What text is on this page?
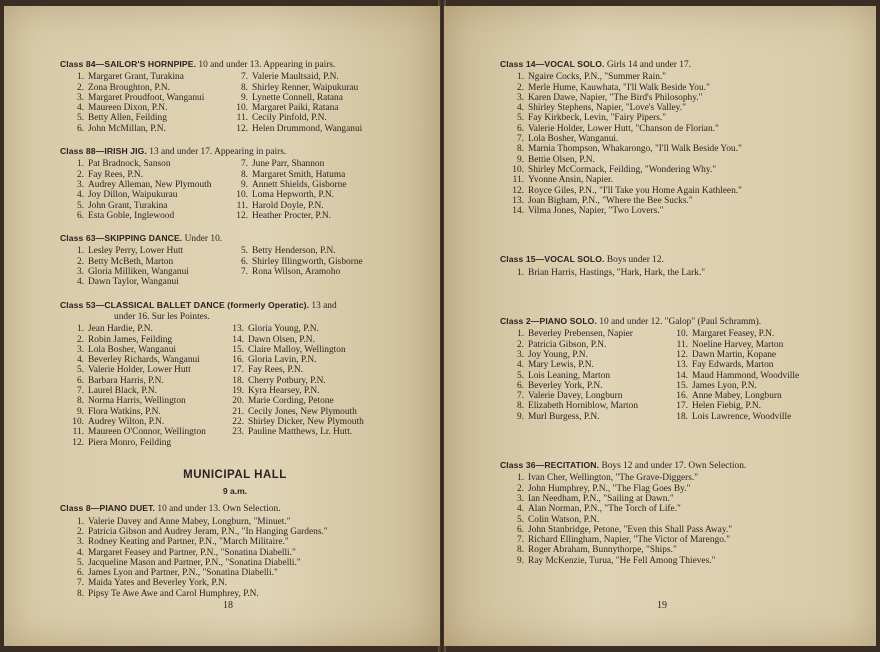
Class 84—SAILOR'S HORNPIPE. 10 and under 13. Appearing in pairs.
1. Margaret Grant, Turakina
2. Zona Broughton, P.N.
3. Margaret Proudfoot, Wanganui
4. Maureen Dixon, P.N.
5. Betty Allen, Feilding
6. John McMillan, P.N.
7. Valerie Maultsaid, P.N.
8. Shirley Renner, Waipukurau
9. Lynette Connell, Ratana
10. Margaret Paiki, Ratana
11. Cecily Pinfold, P.N.
12. Helen Drummond, Wanganui
Class 88—IRISH JIG. 13 and under 17. Appearing in pairs.
1. Pat Bradnock, Sanson
2. Fay Rees, P.N.
3. Audrey Alleman, New Plymouth
4. Joy Dillon, Waipukurau
5. John Grant, Turakina
6. Esta Goble, Inglewood
7. June Parr, Shannon
8. Margaret Smith, Hatuma
9. Annett Shields, Gisborne
10. Loma Hepworth, P.N.
11. Harold Doyle, P.N.
12. Heather Procter, P.N.
Class 63—SKIPPING DANCE. Under 10.
1. Lesley Perry, Lower Hutt
2. Betty McBeth, Marton
3. Gloria Milliken, Wanganui
4. Dawn Taylor, Wanganui
5. Betty Henderson, P.N.
6. Shirley Illingworth, Gisborne
7. Rona Wilson, Aramoho
Class 53—CLASSICAL BALLET DANCE (formerly Operatic). 13 and
under 16. Sur les Pointes.
1. Jean Hardie, P.N.
2. Robin James, Feilding
3. Lola Bosher, Wanganui
4. Beverley Richards, Wanganui
5. Valerie Holder, Lower Hutt
6. Barbara Harris, P.N.
7. Laurel Black, P.N.
8. Norma Harris, Wellington
9. Flora Watkins, P.N.
10. Audrey Wilton, P.N.
11. Maureen O'Connor, Wellington
12. Piera Monro, Feilding
13. Gloria Young, P.N.
14. Dawn Olsen, P.N.
15. Claire Malloy, Wellington
16. Gloria Lavin, P.N.
17. Fay Rees, P.N.
18. Cherry Potbury, P.N.
19. Kyra Hearsey, P.N.
20. Marie Cording, Petone
21. Cecily Jones, New Plymouth
22. Shirley Dicker, New Plymouth
23. Pauline Matthews, Lr. Hutt.
MUNICIPAL HALL
9 a.m.
Class 8—PIANO DUET. 10 and under 13. Own Selection.
1. Valerie Davey and Anne Mabey, Longburn, "Minuet."
2. Patricia Gibson and Audrey Jeram, P.N., "In Hanging Gardens."
3. Rodney Keating and Partner, P.N., "March Militaire."
4. Margaret Feasey and Partner, P.N., "Sonatina Diabelli."
5. Jacqueline Mason and Partner, P.N., "Sonatina Diabelli."
6. James Lyon and Partner, P.N., "Sonatina Diabelli."
7. Maida Yates and Beverley York, P.N.
8. Pipsy Te Awe Awe and Carol Humphrey, P.N.
18
Class 14—VOCAL SOLO. Girls 14 and under 17.
1. Ngaire Cocks, P.N., "Summer Rain."
2. Merle Hume, Kauwhata, "I'll Walk Beside You."
3. Karen Dawe, Napier, "The Bird's Philosophy."
4. Shirley Stephens, Napier, "Love's Valley."
5. Fay Kirkbeck, Levin, "Fairy Pipers."
6. Valerie Holder, Lower Hutt, "Chanson de Florian."
7. Lola Bosher, Wanganui.
8. Marnia Thompson, Whakarongo, "I'll Walk Beside You."
9. Bettie Olsen, P.N.
10. Shirley McCormack, Feilding, "Wondering Why."
11. Yvonne Ansin, Napier.
12. Royce Giles, P.N., "I'll Take you Home Again Kathleen."
13. Joan Bigham, P.N., "Where the Bee Sucks."
14. Vilma Jones, Napier, "Two Lovers."
Class 15—VOCAL SOLO. Boys under 12.
1. Brian Harris, Hastings, "Hark, Hark, the Lark."
Class 2—PIANO SOLO. 10 and under 12. "Galop" (Paul Schramm).
1. Beverley Prebensen, Napier
2. Patricia Gibson, P.N.
3. Joy Young, P.N.
4. Mary Lewis, P.N.
5. Lois Leaning, Marton
6. Beverley York, P.N.
7. Valerie Davey, Longburn
8. Elizabeth Horniblow, Marton
9. Murl Burgess, P.N.
10. Margaret Feasey, P.N.
11. Noeline Harvey, Marton
12. Dawn Martin, Kopane
13. Fay Edwards, Marton
14. Maud Hammond, Woodville
15. James Lyon, P.N.
16. Anne Mabey, Longburn
17. Helen Fiebig, P.N.
18. Lois Lawrence, Woodville
Class 36—RECITATION. Boys 12 and under 17. Own Selection.
1. Ivan Cher, Wellington, "The Grave-Diggers."
2. John Humphrey, P.N., "The Flag Goes By."
3. Ian Needham, P.N., "Sailing at Dawn."
4. Alan Norman, P.N., "The Torch of Life."
5. Colin Watson, P.N.
6. John Stanbridge, Petone, "Even this Shall Pass Away."
7. Richard Ellingham, Napier, "The Victor of Marengo."
8. Roger Abraham, Bunnythorpe, "Ships."
9. Ray McKenzie, Turua, "He Fell Among Thieves."
19
